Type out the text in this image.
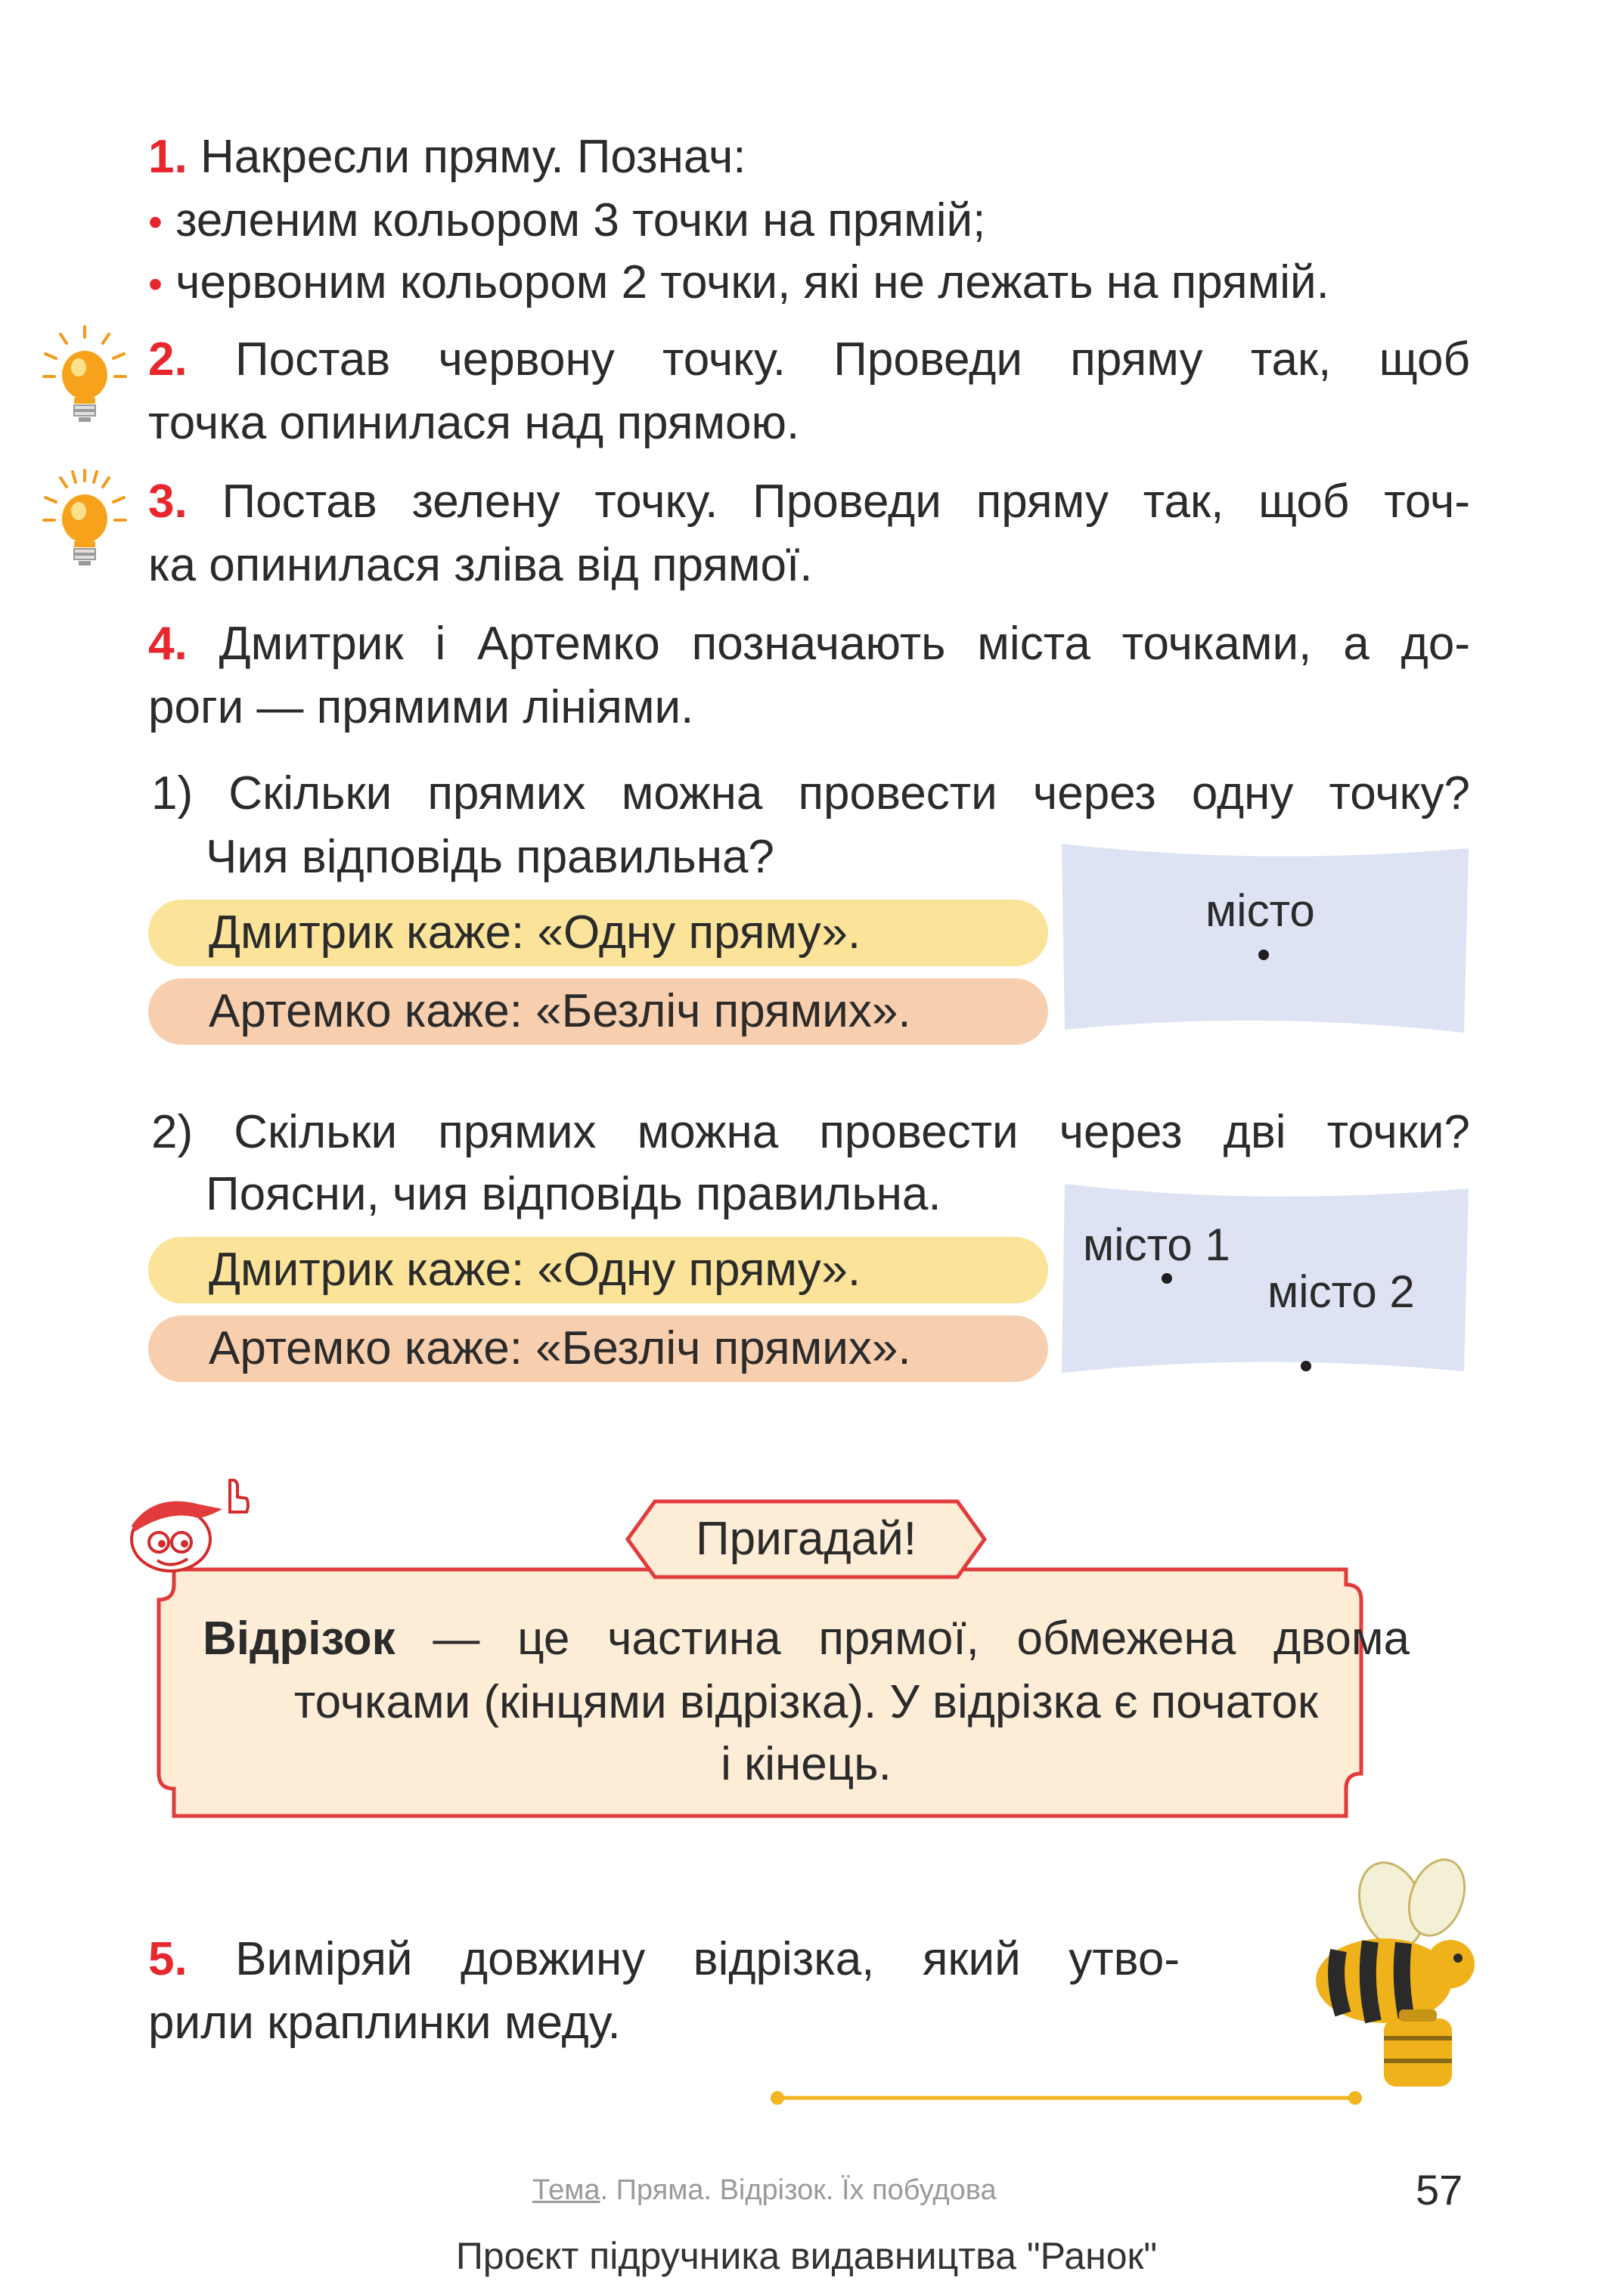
1. Накресли пряму. Познач:
• зеленим кольором 3 точки на прямій;
• червоним кольором 2 точки, які не лежать на прямій.
2. Постав червону точку. Проведи пряму так, щоб
точка опинилася над прямою.
3. Постав зелену точку. Проведи пряму так, щоб точ-
ка опинилася зліва від прямої.
4. Дмитрик і Артемко позначають міста точками, а до-
роги — прямими лініями.
1) Скільки прямих можна провести через одну точку?
Чия відповідь правильна?
Дмитрик каже: «Одну пряму».
Артемко каже: «Безліч прямих».
місто
2) Скільки прямих можна провести через дві точки?
Поясни, чия відповідь правильна.
Дмитрик каже: «Одну пряму».
Артемко каже: «Безліч прямих».
місто 1
місто 2
Пригадай!
Відрізок — це частина прямої, обмежена двома
точками (кінцями відрізка). У відрізка є початок
і кінець.
5. Виміряй довжину відрізка, який утво-
рили краплинки меду.
Тема. Пряма. Відрізок. Їх побудова	57
Проєкт підручника видавництва "Ранок"
